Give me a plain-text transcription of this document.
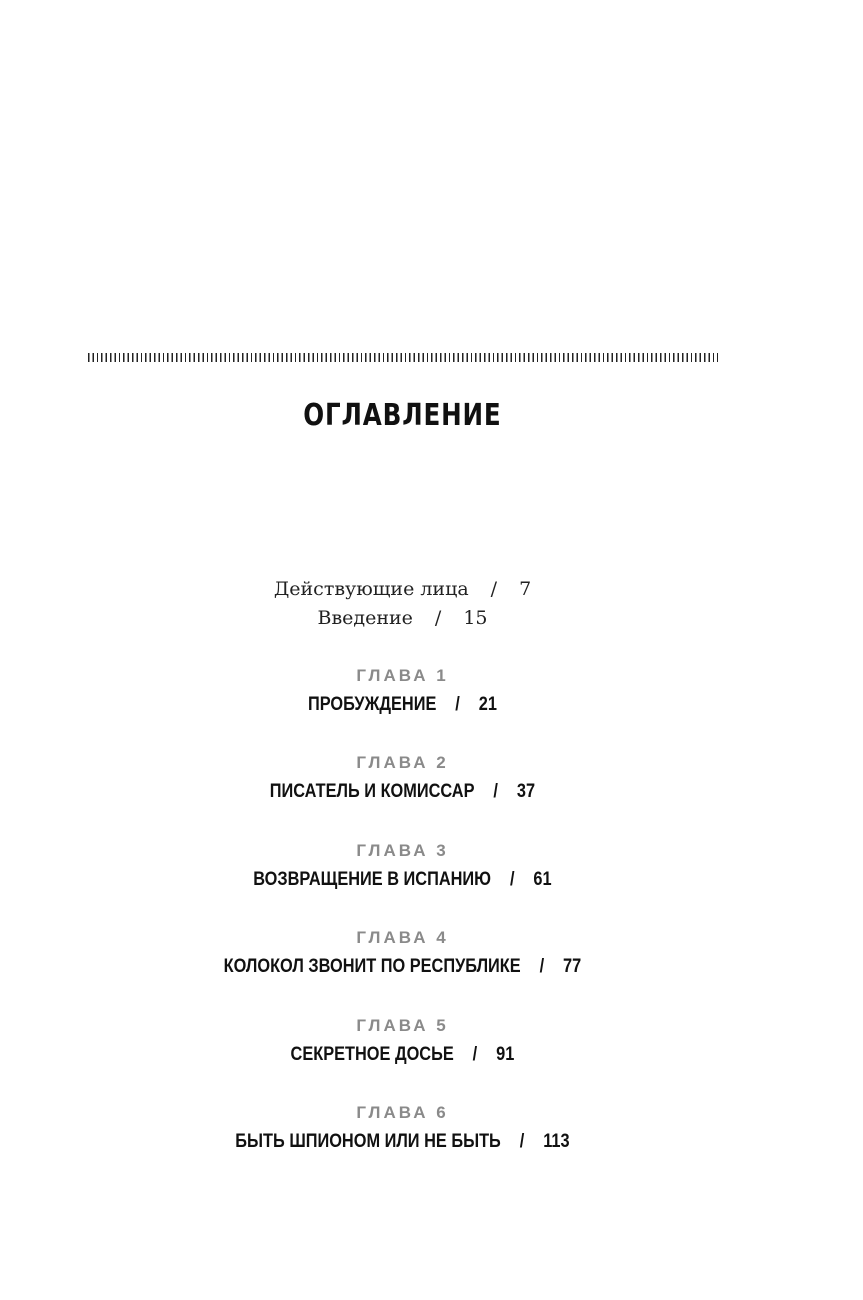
ОГЛАВЛЕНИЕ
Действующие лица / 7
Введение / 15
ГЛАВА 1
ПРОБУЖДЕНИЕ / 21
ГЛАВА 2
ПИСАТЕЛЬ И КОМИССАР / 37
ГЛАВА 3
ВОЗВРАЩЕНИЕ В ИСПАНИЮ / 61
ГЛАВА 4
КОЛОКОЛ ЗВОНИТ ПО РЕСПУБЛИКЕ / 77
ГЛАВА 5
СЕКРЕТНОЕ ДОСЬЕ / 91
ГЛАВА 6
БЫТЬ ШПИОНОМ ИЛИ НЕ БЫТЬ / 113
